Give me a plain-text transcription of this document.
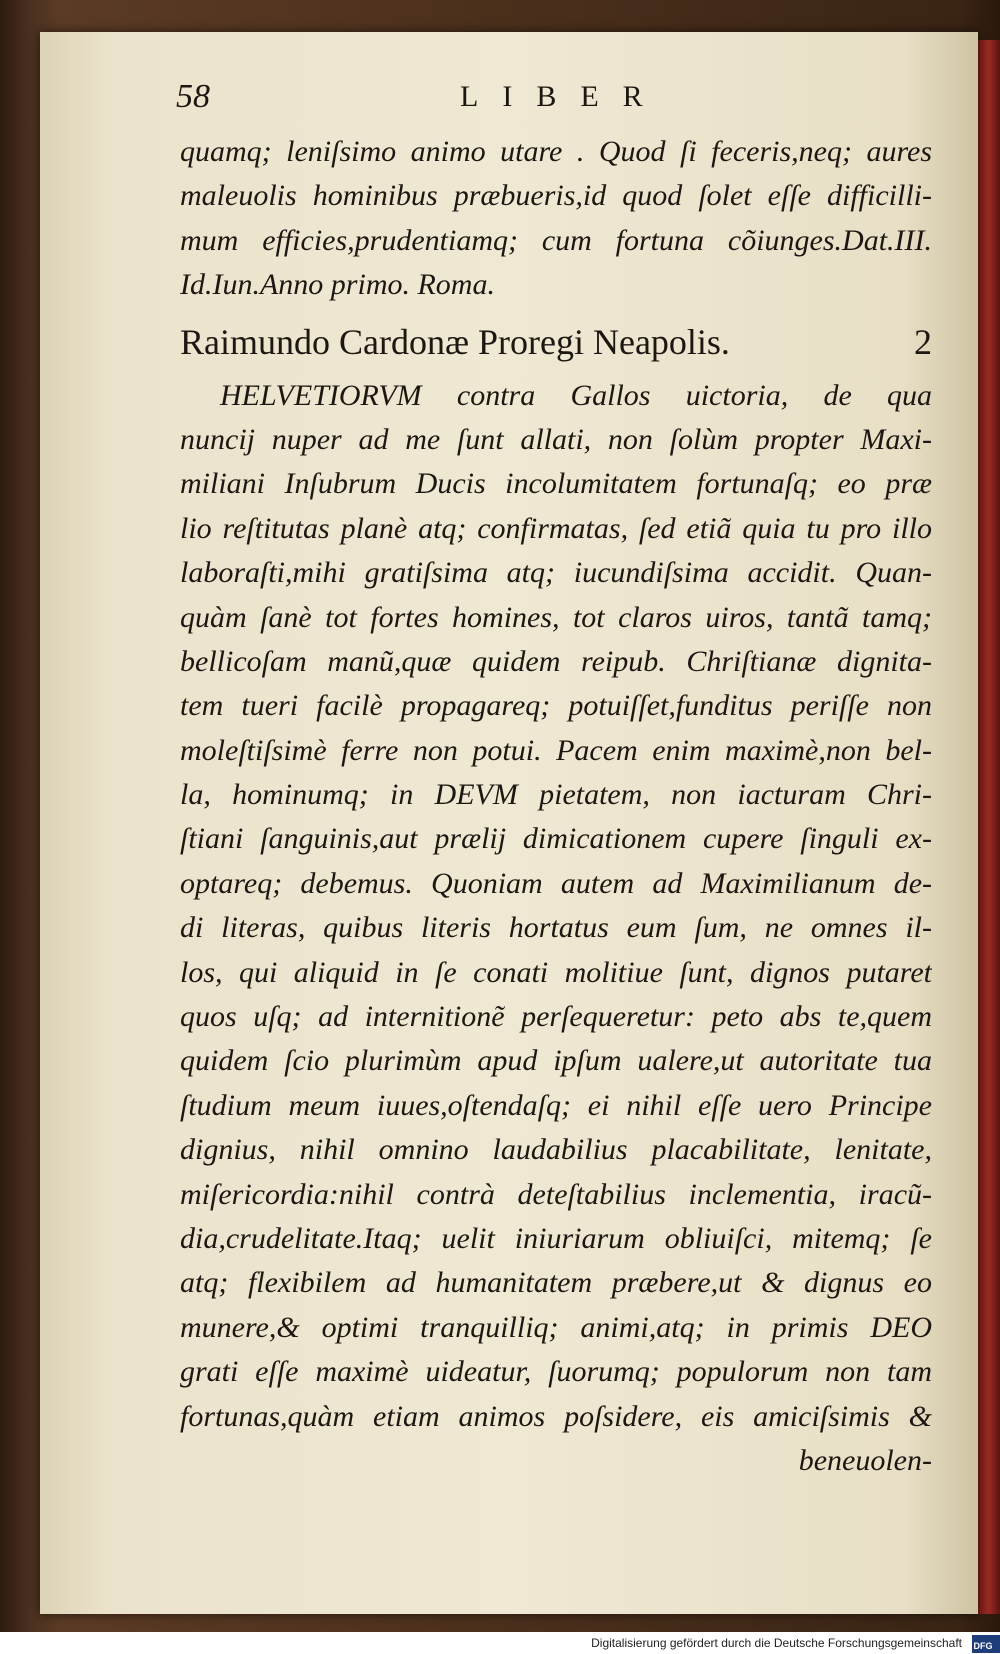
58	LIBER
quamq; leniſsimo animo utare . Quod ſi feceris,neq; aures
maleuolis hominibus præbueris,id quod ſolet eſſe difficilli-
mum efficies,prudentiamq; cum fortuna cõiunges.Dat.III.
Id.Iun.Anno primo. Roma.
Raimundo Cardonæ Proregi Neapolis.	2
HELVETIORVM contra Gallos uictoria, de qua
nuncij nuper ad me ſunt allati, non ſolùm propter Maxi-
miliani Inſubrum Ducis incolumitatem fortunaſq; eo præ
lio reſtitutas planè atq; confirmatas, ſed etiã quia tu pro illo
laboraſti,mihi gratiſsima atq; iucundiſsima accidit. Quan-
quàm ſanè tot fortes homines, tot claros uiros, tantã tamq;
bellicoſam manũ,quæ quidem reipub. Chriſtianæ dignita-
tem tueri facilè propagareq; potuiſſet,funditus periſſe non
moleſtiſsimè ferre non potui. Pacem enim maximè,non bel-
la, hominumq; in DEVM pietatem, non iacturam Chri-
ſtiani ſanguinis,aut prælij dimicationem cupere ſinguli ex-
optareq; debemus. Quoniam autem ad Maximilianum de-
di literas, quibus literis hortatus eum ſum, ne omnes il-
los, qui aliquid in ſe conati molitiue ſunt, dignos putaret
quos uſq; ad internitionẽ perſequeretur: peto abs te,quem
quidem ſcio plurimùm apud ipſum ualere,ut autoritate tua
ſtudium meum iuues,oſtendaſq; ei nihil eſſe uero Principe
dignius, nihil omnino laudabilius placabilitate, lenitate,
miſericordia:nihil contrà deteſtabilius inclementia, iracũ-
dia,crudelitate.Itaq; uelit iniuriarum obliuiſci, mitemq; ſe
atq; flexibilem ad humanitatem præbere,ut & dignus eo
munere,& optimi tranquilliq; animi,atq; in primis DEO
grati eſſe maximè uideatur, ſuorumq; populorum non tam
fortunas,quàm etiam animos poſsidere, eis amiciſsimis &
beneuolen-
Digitalisierung gefördert durch die Deutsche Forschungsgemeinschaft DFG
